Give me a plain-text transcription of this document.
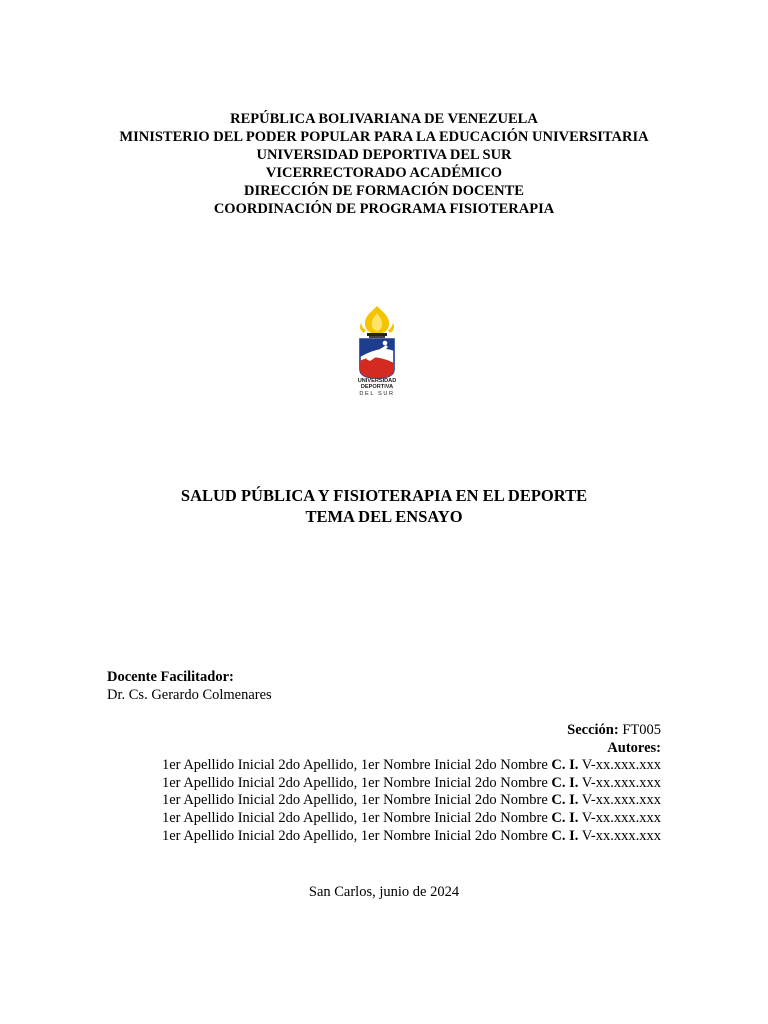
REPÚBLICA BOLIVARIANA DE VENEZUELA
MINISTERIO DEL PODER POPULAR PARA LA EDUCACIÓN UNIVERSITARIA
UNIVERSIDAD DEPORTIVA DEL SUR
VICERRECTORADO ACADÉMICO
DIRECCIÓN DE FORMACIÓN DOCENTE
COORDINACIÓN DE PROGRAMA FISIOTERAPIA
UNIVERSIDAD
DEPORTIVA
DEL SUR
SALUD PÚBLICA Y FISIOTERAPIA EN EL DEPORTE
TEMA DEL ENSAYO
Docente Facilitador:
Dr. Cs. Gerardo Colmenares
Sección: FT005
Autores:
1er Apellido Inicial 2do Apellido, 1er Nombre Inicial 2do Nombre C. I. V-xx.xxx.xxx
1er Apellido Inicial 2do Apellido, 1er Nombre Inicial 2do Nombre C. I. V-xx.xxx.xxx
1er Apellido Inicial 2do Apellido, 1er Nombre Inicial 2do Nombre C. I. V-xx.xxx.xxx
1er Apellido Inicial 2do Apellido, 1er Nombre Inicial 2do Nombre C. I. V-xx.xxx.xxx
1er Apellido Inicial 2do Apellido, 1er Nombre Inicial 2do Nombre C. I. V-xx.xxx.xxx
San Carlos, junio de 2024
